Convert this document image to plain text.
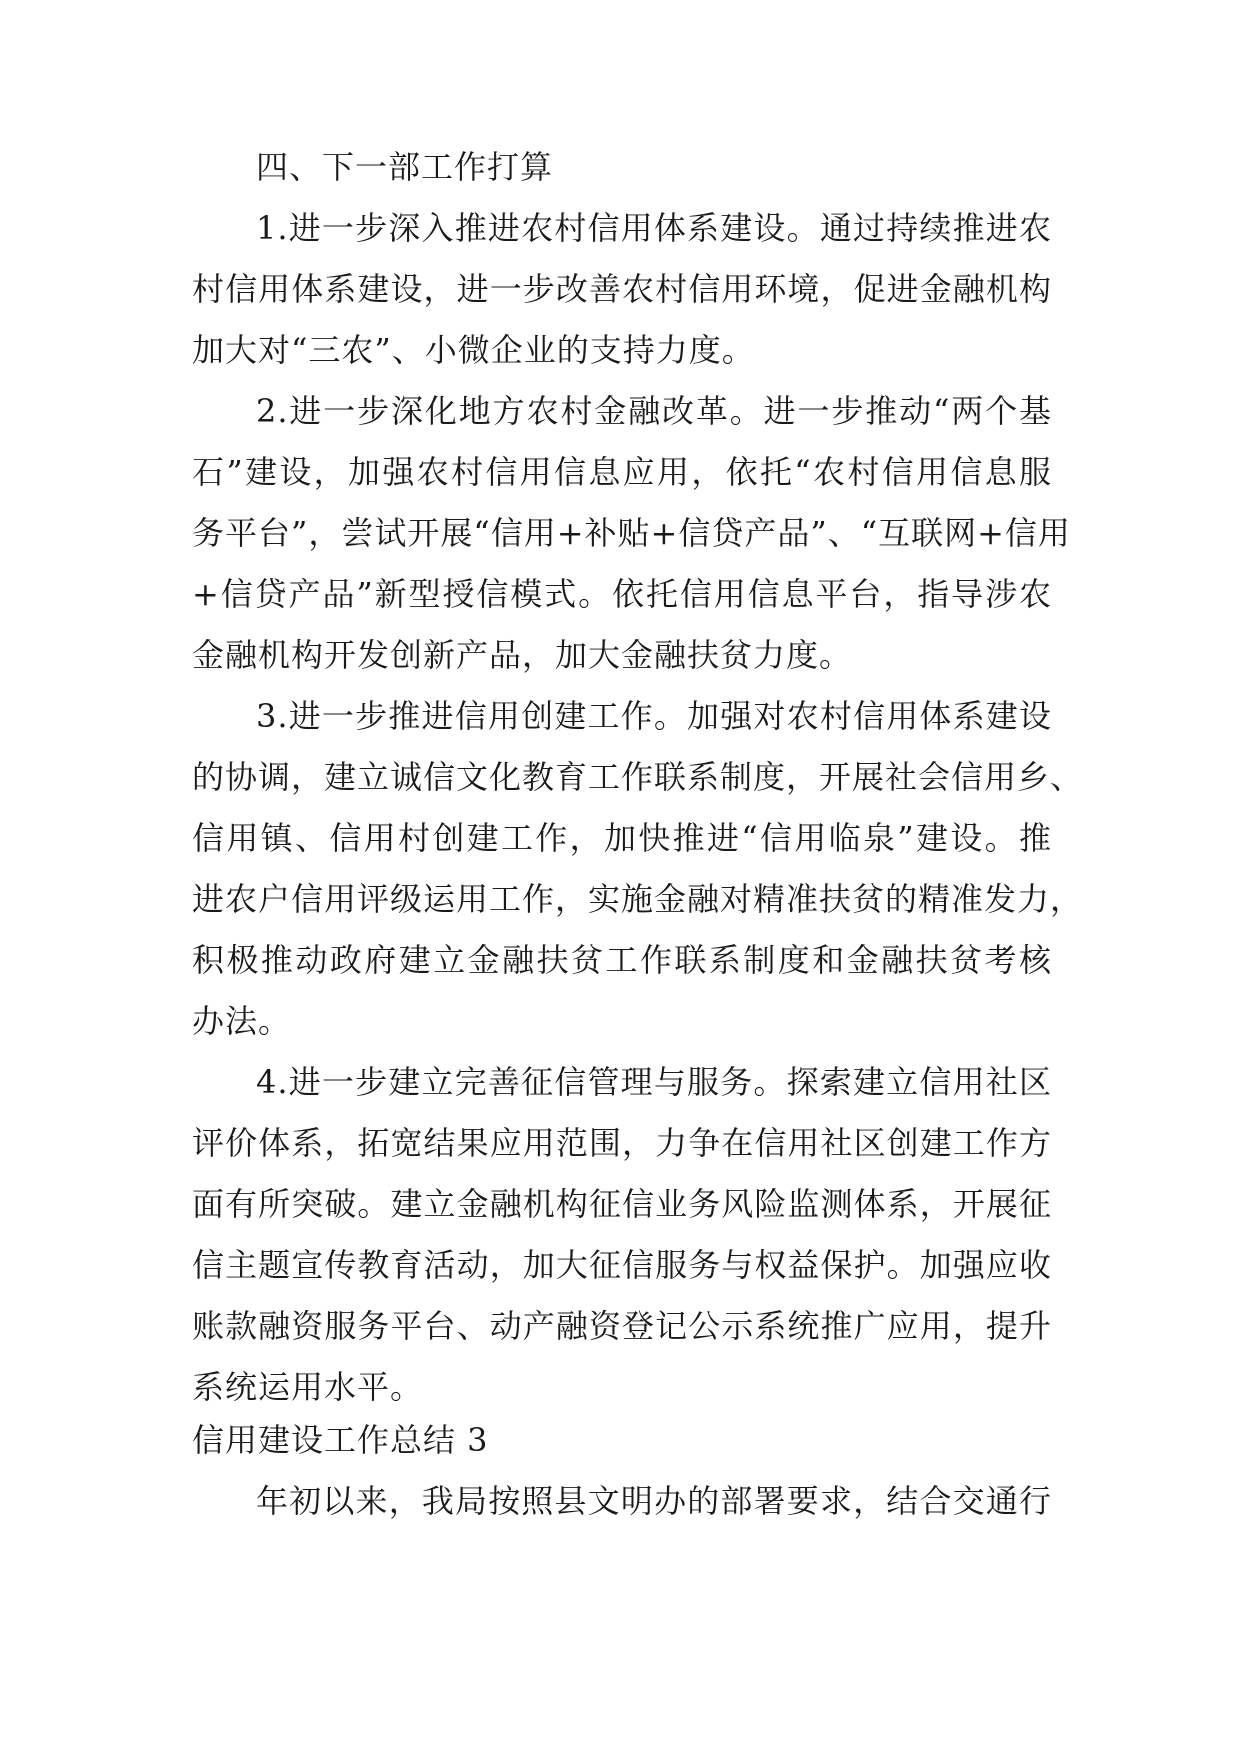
四、下一部工作打算
1.进一步深入推进农村信用体系建设。通过持续推进农
村信用体系建设，进一步改善农村信用环境，促进金融机构
加大对“三农”、小微企业的支持力度。
2.进一步深化地方农村金融改革。进一步推动“两个基
石”建设，加强农村信用信息应用，依托“农村信用信息服
务平台”，尝试开展“信用+补贴+信贷产品”、“互联网+信用
+信贷产品”新型授信模式。依托信用信息平台，指导涉农
金融机构开发创新产品，加大金融扶贫力度。
3.进一步推进信用创建工作。加强对农村信用体系建设
的协调，建立诚信文化教育工作联系制度，开展社会信用乡、
信用镇、信用村创建工作，加快推进“信用临泉”建设。推
进农户信用评级运用工作，实施金融对精准扶贫的精准发力，
积极推动政府建立金融扶贫工作联系制度和金融扶贫考核
办法。
4.进一步建立完善征信管理与服务。探索建立信用社区
评价体系，拓宽结果应用范围，力争在信用社区创建工作方
面有所突破。建立金融机构征信业务风险监测体系，开展征
信主题宣传教育活动，加大征信服务与权益保护。加强应收
账款融资服务平台、动产融资登记公示系统推广应用，提升
系统运用水平。
信用建设工作总结 3
年初以来，我局按照县文明办的部署要求，结合交通行
